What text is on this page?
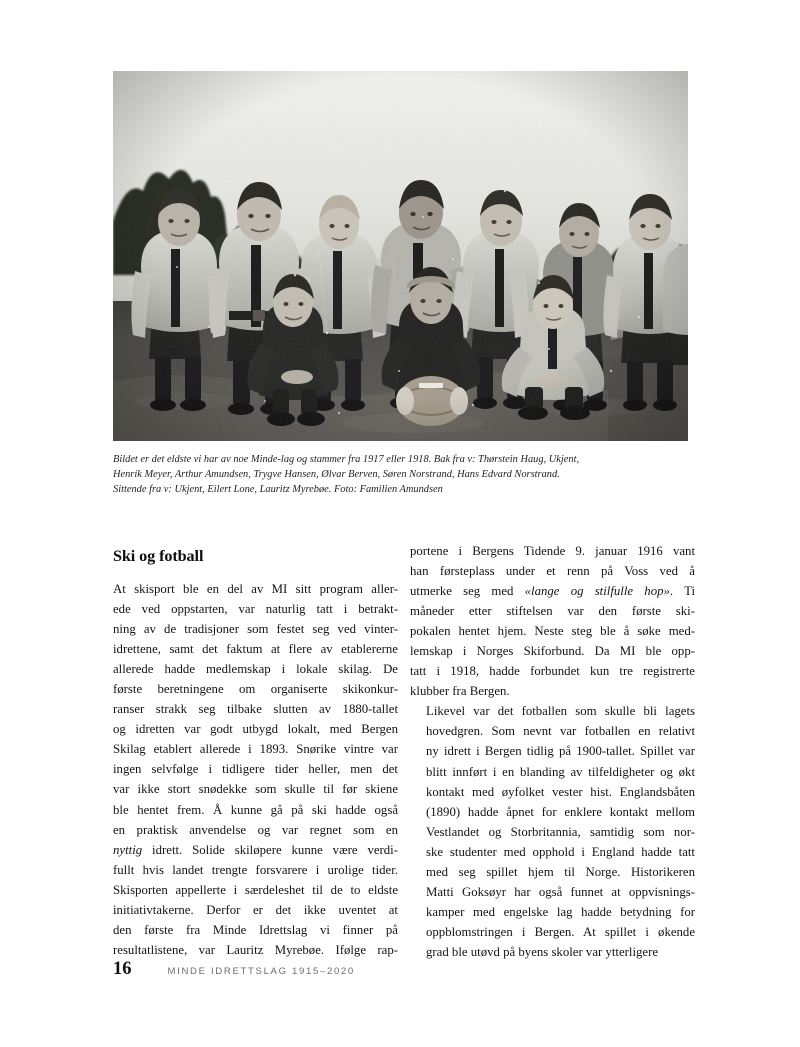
Bildet er det eldste vi har av noe Minde-lag og stammer fra 1917 eller 1918. Bak fra v: Thørstein Haug, Ukjent,
Henrik Meyer, Arthur Amundsen, Trygve Hansen, Ølvar Berven, Søren Norstrand, Hans Edvard Norstrand.
Sittende fra v: Ukjent, Eilert Lone, Lauritz Myrebøe. Foto: Familien Amundsen
Ski og fotball

At skisport ble en del av MI sitt program aller-
ede ved oppstarten, var naturlig tatt i betrakt-
ning av de tradisjoner som festet seg ved vinter-
idrettene, samt det faktum at flere av etablererne
allerede hadde medlemskap i lokale skilag. De
første beretningene om organiserte skikonkur-
ranser strakk seg tilbake slutten av 1880-tallet
og idretten var godt utbygd lokalt, med Bergen
Skilag etablert allerede i 1893. Snørike vintre var
ingen selvfølge i tidligere tider heller, men det
var ikke stort snødekke som skulle til før skiene
ble hentet frem. Å kunne gå på ski hadde også
en praktisk anvendelse og var regnet som en
nyttig idrett. Solide skiløpere kunne være verdi-
fullt hvis landet trengte forsvarere i urolige tider.
Skisporten appellerte i særdeleshet til de to eldste
initiativtakerne. Derfor er det ikke uventet at
den første fra Minde Idrettslag vi finner på
resultatlistene, var Lauritz Myrebøe. Ifølge rap-

portene i Bergens Tidende 9. januar 1916 vant
han førsteplass under et renn på Voss ved å
utmerke seg med «lange og stilfulle hop». Ti
måneder etter stiftelsen var den første ski-
pokalen hentet hjem. Neste steg ble å søke med-
lemskap i Norges Skiforbund. Da MI ble opp-
tatt i 1918, hadde forbundet kun tre registrerte
klubber fra Bergen.

Likevel var det fotballen som skulle bli lagets
hovedgren. Som nevnt var fotballen en relativt
ny idrett i Bergen tidlig på 1900-tallet. Spillet var
blitt innført i en blanding av tilfeldigheter og økt
kontakt med øyfolket vester hist. Englandsbåten
(1890) hadde åpnet for enklere kontakt mellom
Vestlandet og Storbritannia, samtidig som nor-
ske studenter med opphold i England hadde tatt
med seg spillet hjem til Norge. Historikeren
Matti Goksøyr har også funnet at oppvisnings-
kamper med engelske lag hadde betydning for
oppblomstringen i Bergen. At spillet i økende
grad ble utøvd på byens skoler var ytterligere

16	MINDE IDRETTSLAG 1915–2020
